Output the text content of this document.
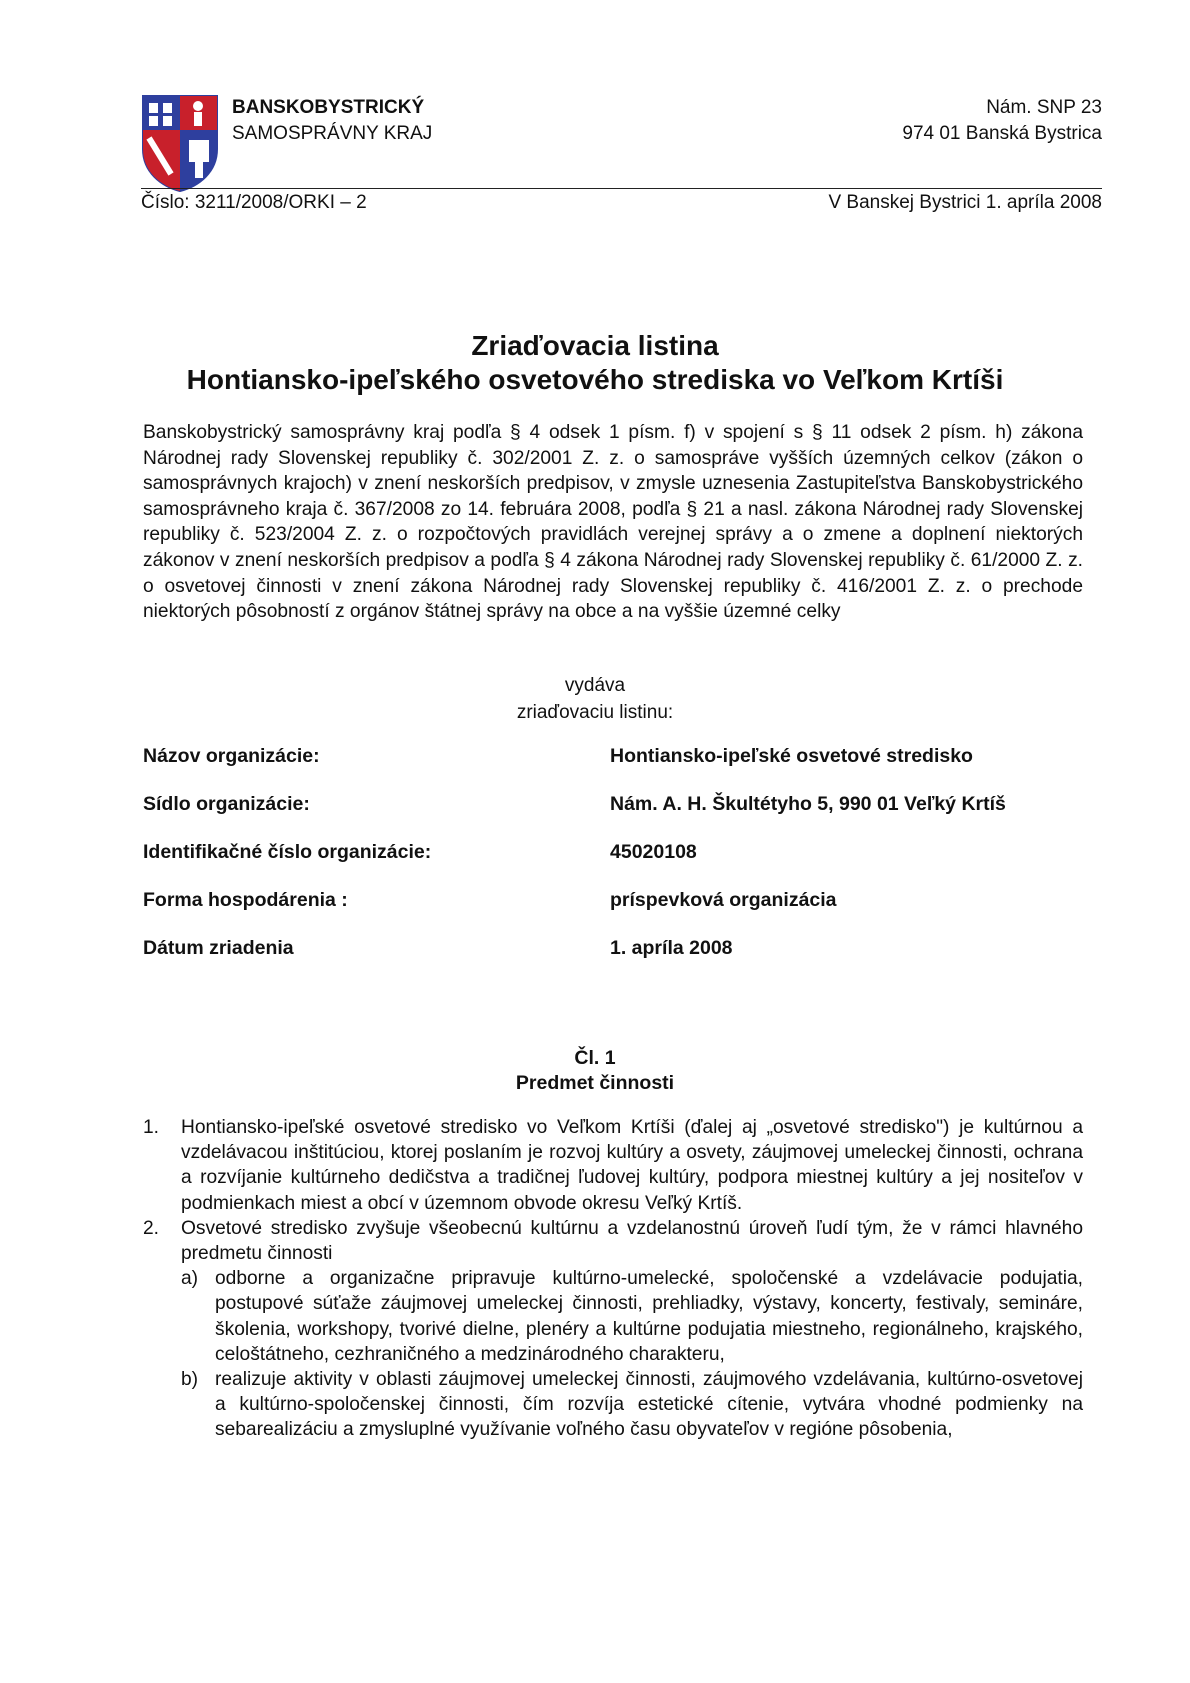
BANSKOBYSTRICKÝ
SAMOSPRÁVNY KRAJ
Nám. SNP 23
974 01 Banská Bystrica
Číslo: 3211/2008/ORKI – 2	V Banskej Bystrici 1. apríla 2008
Zriaďovacia listina
Hontiansko-ipeľského osvetového strediska vo Veľkom Krtíši
Banskobystrický samosprávny kraj podľa § 4 odsek 1 písm. f) v spojení s § 11 odsek 2 písm. h) zákona Národnej rady Slovenskej republiky č. 302/2001 Z. z. o samospráve vyšších územných celkov (zákon o samosprávnych krajoch) v znení neskorších predpisov, v zmysle uznesenia Zastupiteľstva Banskobystrického samosprávneho kraja č. 367/2008 zo 14. februára 2008, podľa § 21 a nasl. zákona Národnej rady Slovenskej republiky č. 523/2004 Z. z. o rozpočtových pravidlách verejnej správy a o zmene a doplnení niektorých zákonov v znení neskorších predpisov a podľa § 4 zákona Národnej rady Slovenskej republiky č. 61/2000 Z. z. o osvetovej činnosti v znení zákona Národnej rady Slovenskej republiky č. 416/2001 Z. z. o prechode niektorých pôsobností z orgánov štátnej správy na obce a na vyššie územné celky
vydáva
zriaďovaciu listinu:
Názov organizácie:	Hontiansko-ipeľské osvetové stredisko
Sídlo organizácie:	Nám. A. H. Škultétyho 5, 990 01 Veľký Krtíš
Identifikačné číslo organizácie:	45020108
Forma hospodárenia :	príspevková organizácia
Dátum zriadenia	1. apríla 2008
Čl. 1
Predmet činnosti
1. Hontiansko-ipeľské osvetové stredisko vo Veľkom Krtíši (ďalej aj „osvetové stredisko") je kultúrnou a vzdelávacou inštitúciou, ktorej poslaním je rozvoj kultúry a osvety, záujmovej umeleckej činnosti, ochrana a rozvíjanie kultúrneho dedičstva a tradičnej ľudovej kultúry, podpora miestnej kultúry a jej nositeľov v podmienkach miest a obcí v územnom obvode okresu Veľký Krtíš.
2. Osvetové stredisko zvyšuje všeobecnú kultúrnu a vzdelanostnú úroveň ľudí tým, že v rámci hlavného predmetu činnosti
a) odborne a organizačne pripravuje kultúrno-umelecké, spoločenské a vzdelávacie podujatia, postupové súťaže záujmovej umeleckej činnosti, prehliadky, výstavy, koncerty, festivaly, semináre, školenia, workshopy, tvorivé dielne, plenéry a kultúrne podujatia miestneho, regionálneho, krajského, celoštátneho, cezhraničného a medzinárodného charakteru,
b) realizuje aktivity v oblasti záujmovej umeleckej činnosti, záujmového vzdelávania, kultúrno-osvetovej a kultúrno-spoločenskej činnosti, čím rozvíja estetické cítenie, vytvára vhodné podmienky na sebarealizáciu a zmysluplné využívanie voľného času obyvateľov v regióne pôsobenia,
